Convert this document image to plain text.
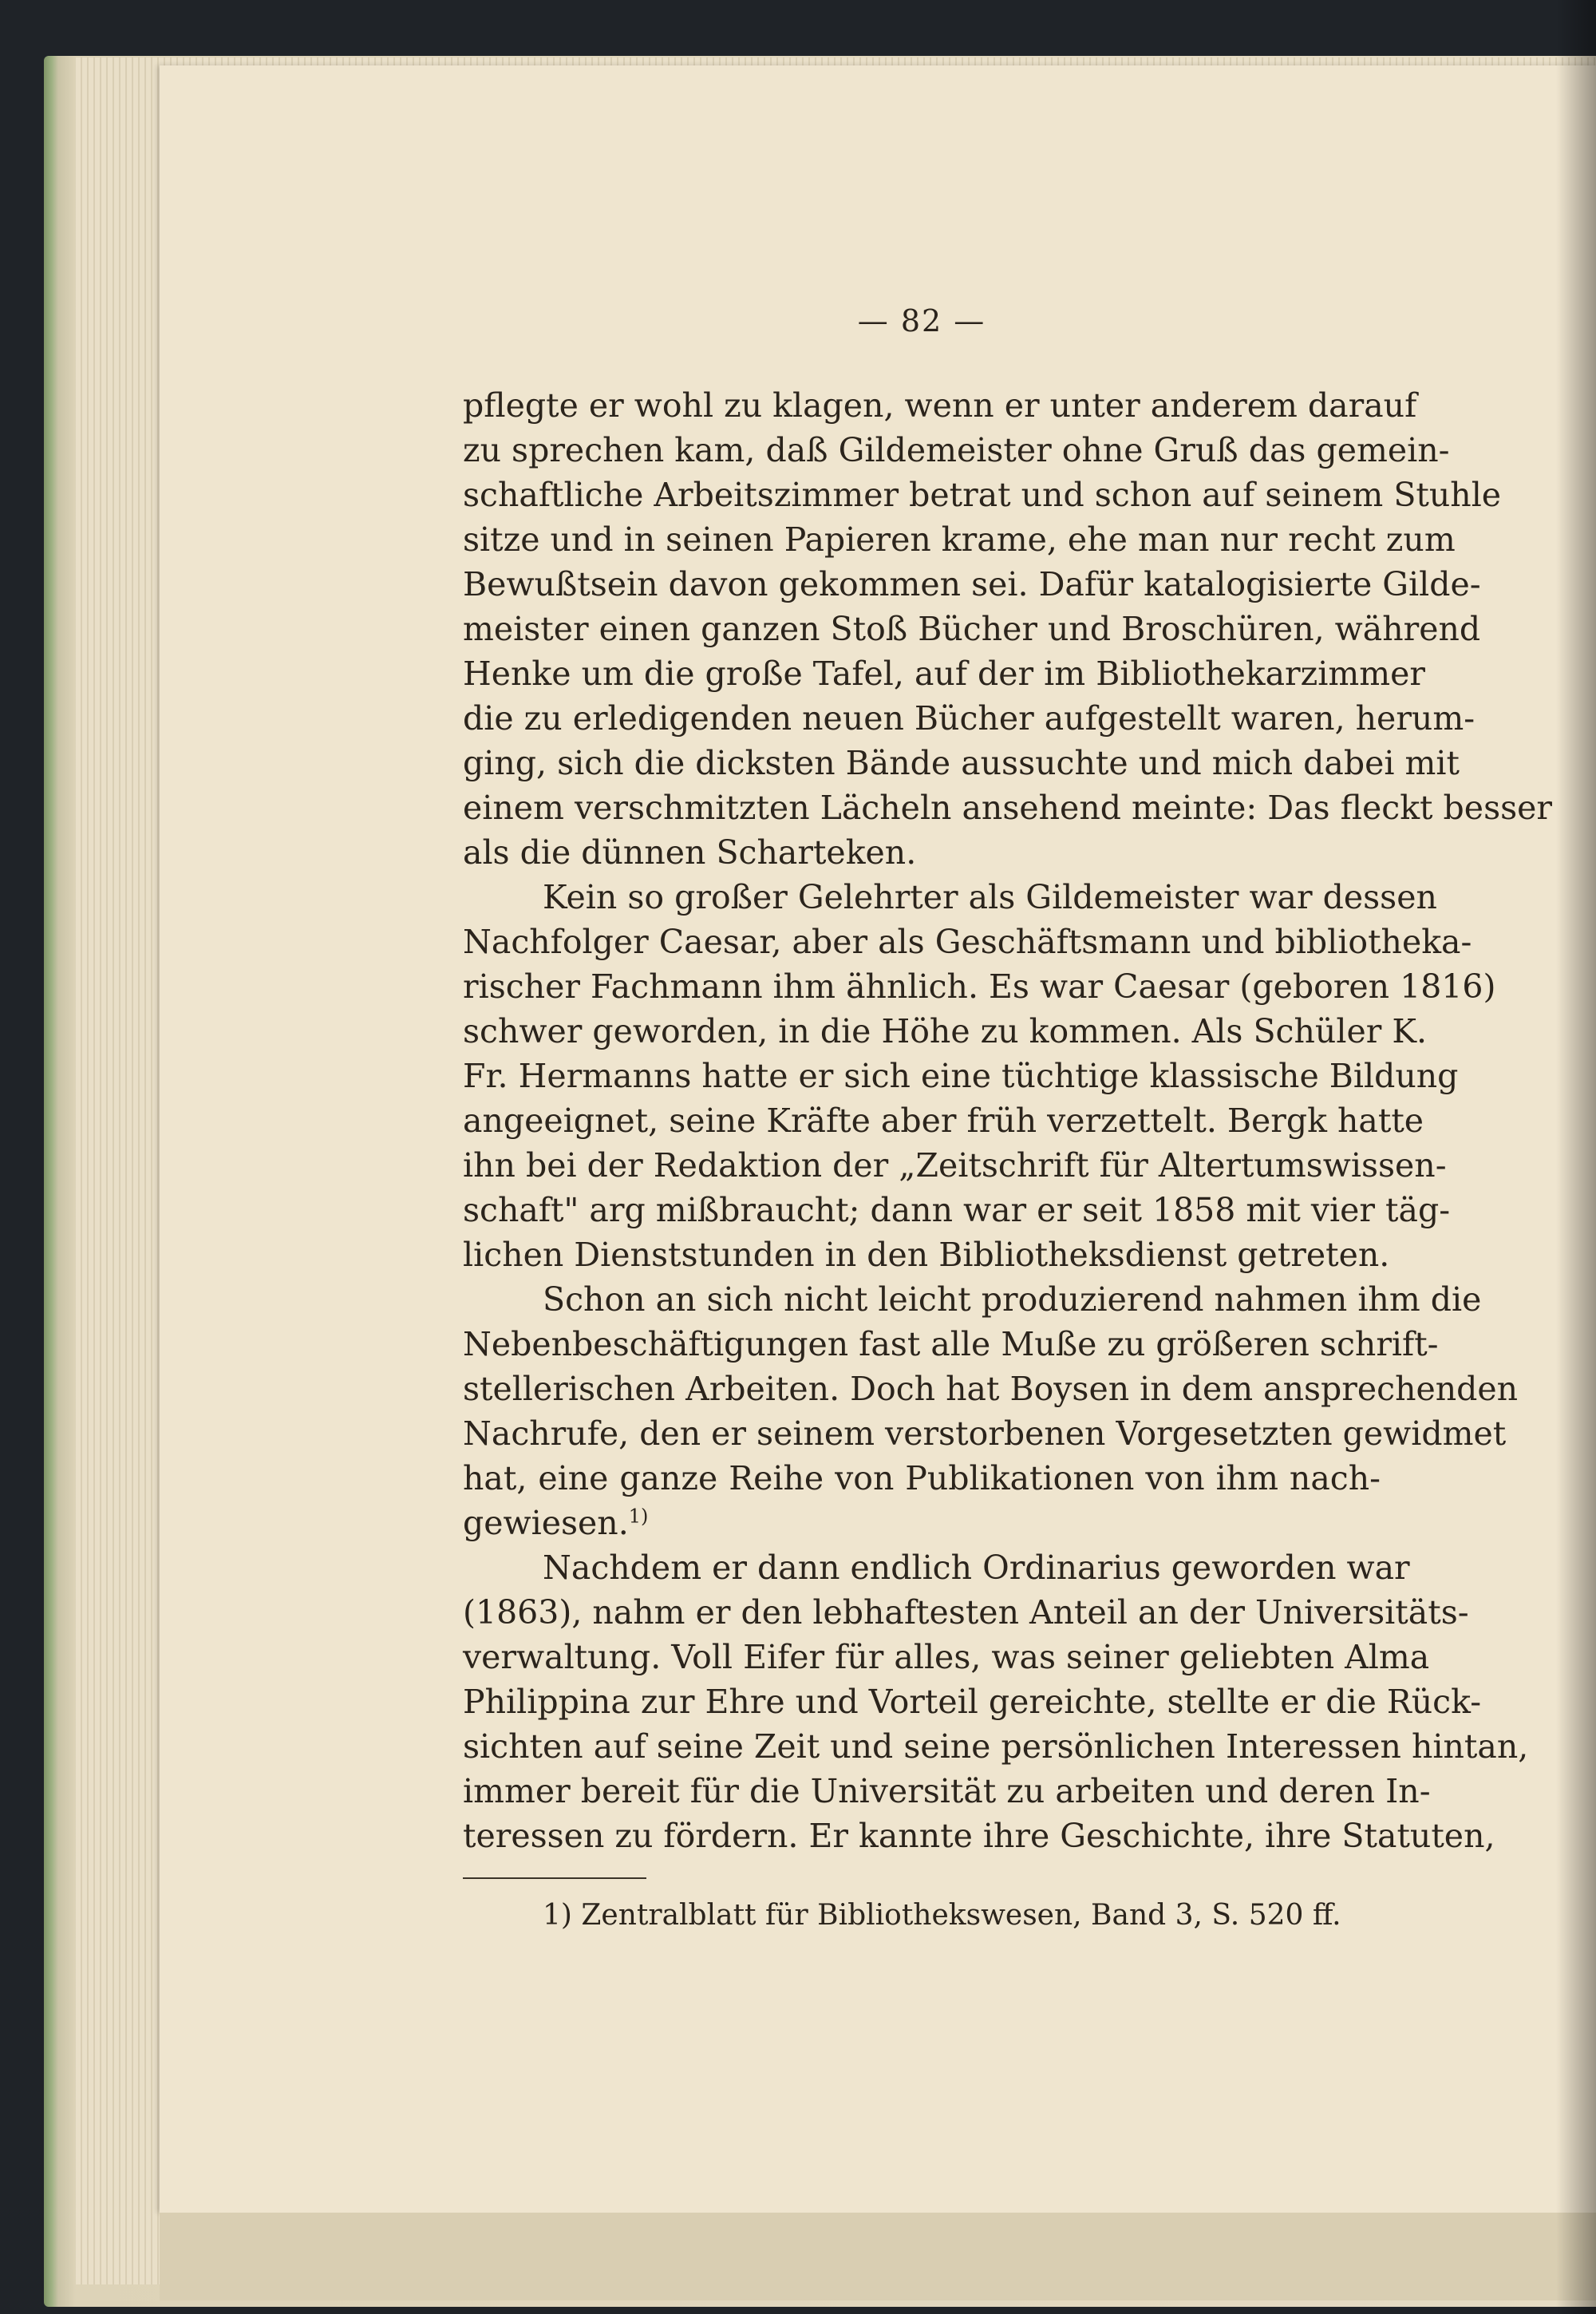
— 82 —
pflegte er wohl zu klagen, wenn er unter anderem darauf
zu sprechen kam, daß Gildemeister ohne Gruß das gemein-
schaftliche Arbeitszimmer betrat und schon auf seinem Stuhle
sitze und in seinen Papieren krame, ehe man nur recht zum
Bewußtsein davon gekommen sei. Dafür katalogisierte Gilde-
meister einen ganzen Stoß Bücher und Broschüren, während
Henke um die große Tafel, auf der im Bibliothekarzimmer
die zu erledigenden neuen Bücher aufgestellt waren, herum-
ging, sich die dicksten Bände aussuchte und mich dabei mit
einem verschmitzten Lächeln ansehend meinte: Das fleckt besser
als die dünnen Scharteken.
Kein so großer Gelehrter als Gildemeister war dessen
Nachfolger Caesar, aber als Geschäftsmann und bibliotheka-
rischer Fachmann ihm ähnlich. Es war Caesar (geboren 1816)
schwer geworden, in die Höhe zu kommen. Als Schüler K.
Fr. Hermanns hatte er sich eine tüchtige klassische Bildung
angeeignet, seine Kräfte aber früh verzettelt. Bergk hatte
ihn bei der Redaktion der „Zeitschrift für Altertumswissen-
schaft" arg mißbraucht; dann war er seit 1858 mit vier täg-
lichen Dienststunden in den Bibliotheksdienst getreten.
Schon an sich nicht leicht produzierend nahmen ihm die
Nebenbeschäftigungen fast alle Muße zu größeren schrift-
stellerischen Arbeiten. Doch hat Boysen in dem ansprechenden
Nachrufe, den er seinem verstorbenen Vorgesetzten gewidmet
hat, eine ganze Reihe von Publikationen von ihm nach-
gewiesen.$^{1)}$
Nachdem er dann endlich Ordinarius geworden war
(1863), nahm er den lebhaftesten Anteil an der Universitäts-
verwaltung. Voll Eifer für alles, was seiner geliebten Alma
Philippina zur Ehre und Vorteil gereichte, stellte er die Rück-
sichten auf seine Zeit und seine persönlichen Interessen hintan,
immer bereit für die Universität zu arbeiten und deren In-
teressen zu fördern. Er kannte ihre Geschichte, ihre Statuten,
1) Zentralblatt für Bibliothekswesen, Band 3, S. 520 ff.
